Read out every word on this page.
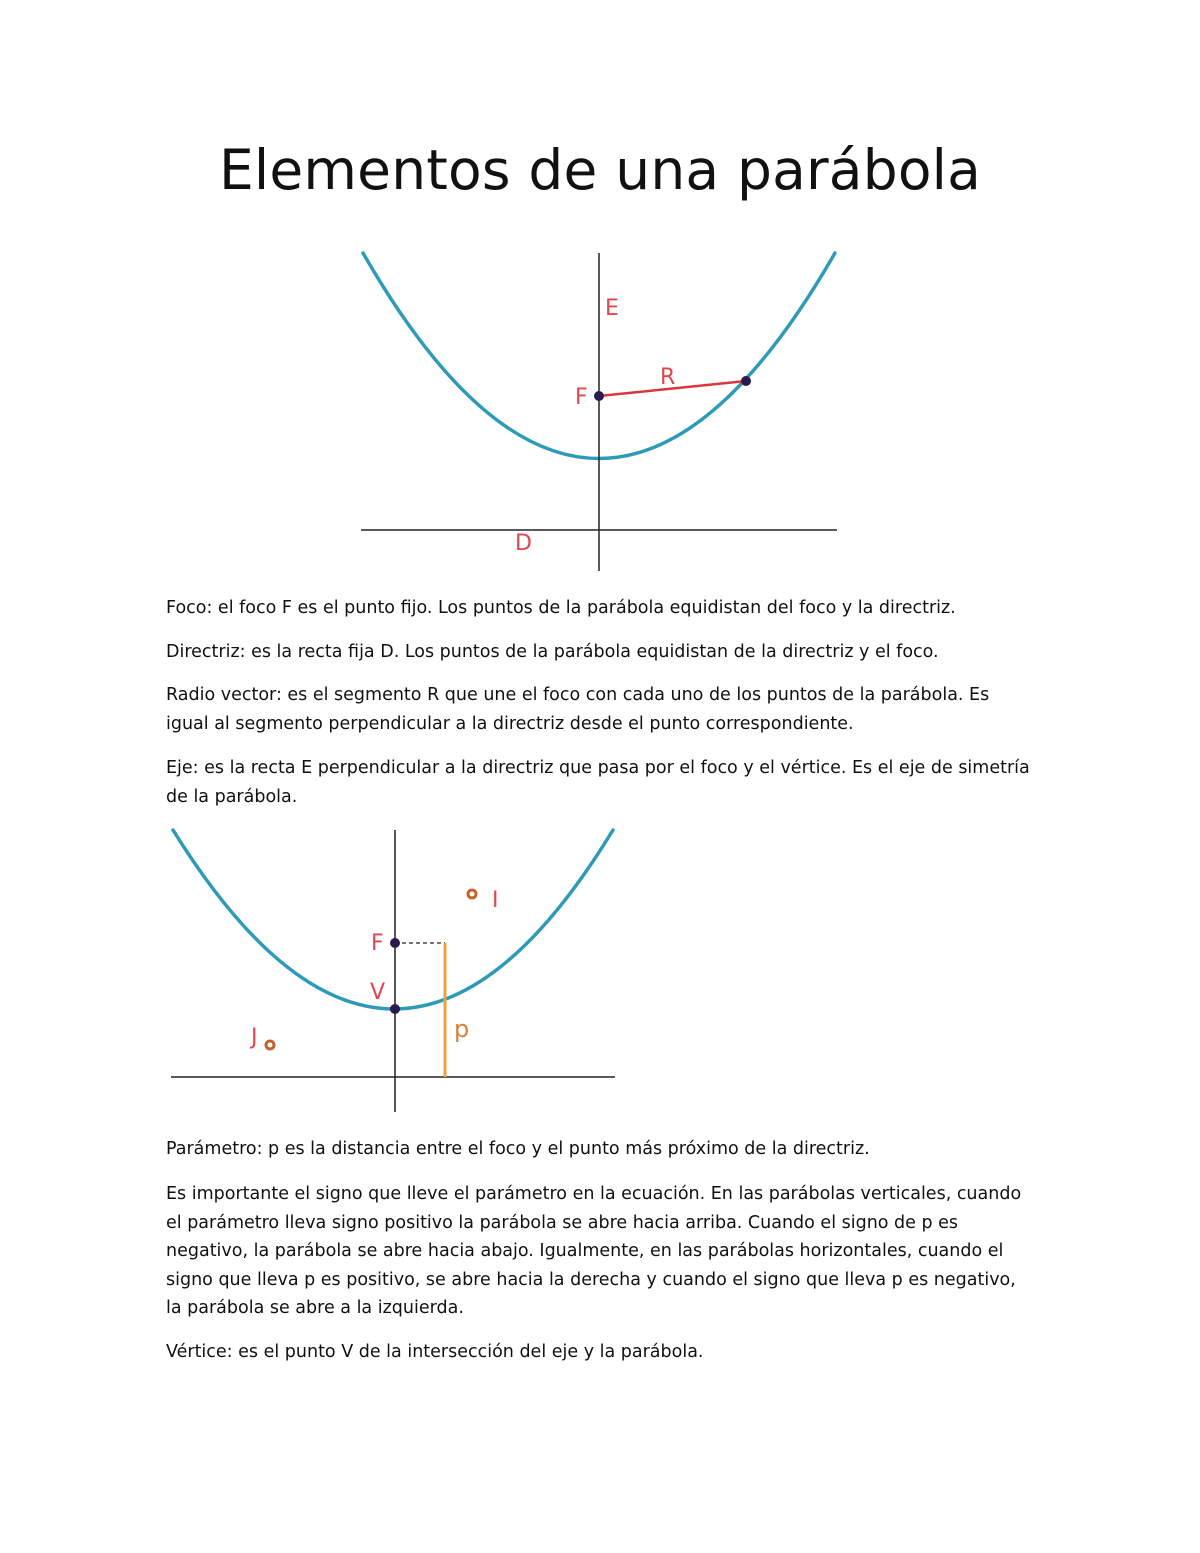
Elementos de una parábola
E
F
R
D

Foco: el foco F es el punto fijo. Los puntos de la parábola equidistan del foco y la directriz.

Directriz: es la recta fija D. Los puntos de la parábola equidistan de la directriz y el foco.

Radio vector: es el segmento R que une el foco con cada uno de los puntos de la parábola. Es igual al segmento perpendicular a la directriz desde el punto correspondiente.

Eje: es la recta E perpendicular a la directriz que pasa por el foco y el vértice. Es el eje de simetría de la parábola.

F
V
p
I
J

Parámetro: p es la distancia entre el foco y el punto más próximo de la directriz.

Es importante el signo que lleve el parámetro en la ecuación. En las parábolas verticales, cuando el parámetro lleva signo positivo la parábola se abre hacia arriba. Cuando el signo de p es negativo, la parábola se abre hacia abajo. Igualmente, en las parábolas horizontales, cuando el signo que lleva p es positivo, se abre hacia la derecha y cuando el signo que lleva p es negativo, la parábola se abre a la izquierda.

Vértice: es el punto V de la intersección del eje y la parábola.
